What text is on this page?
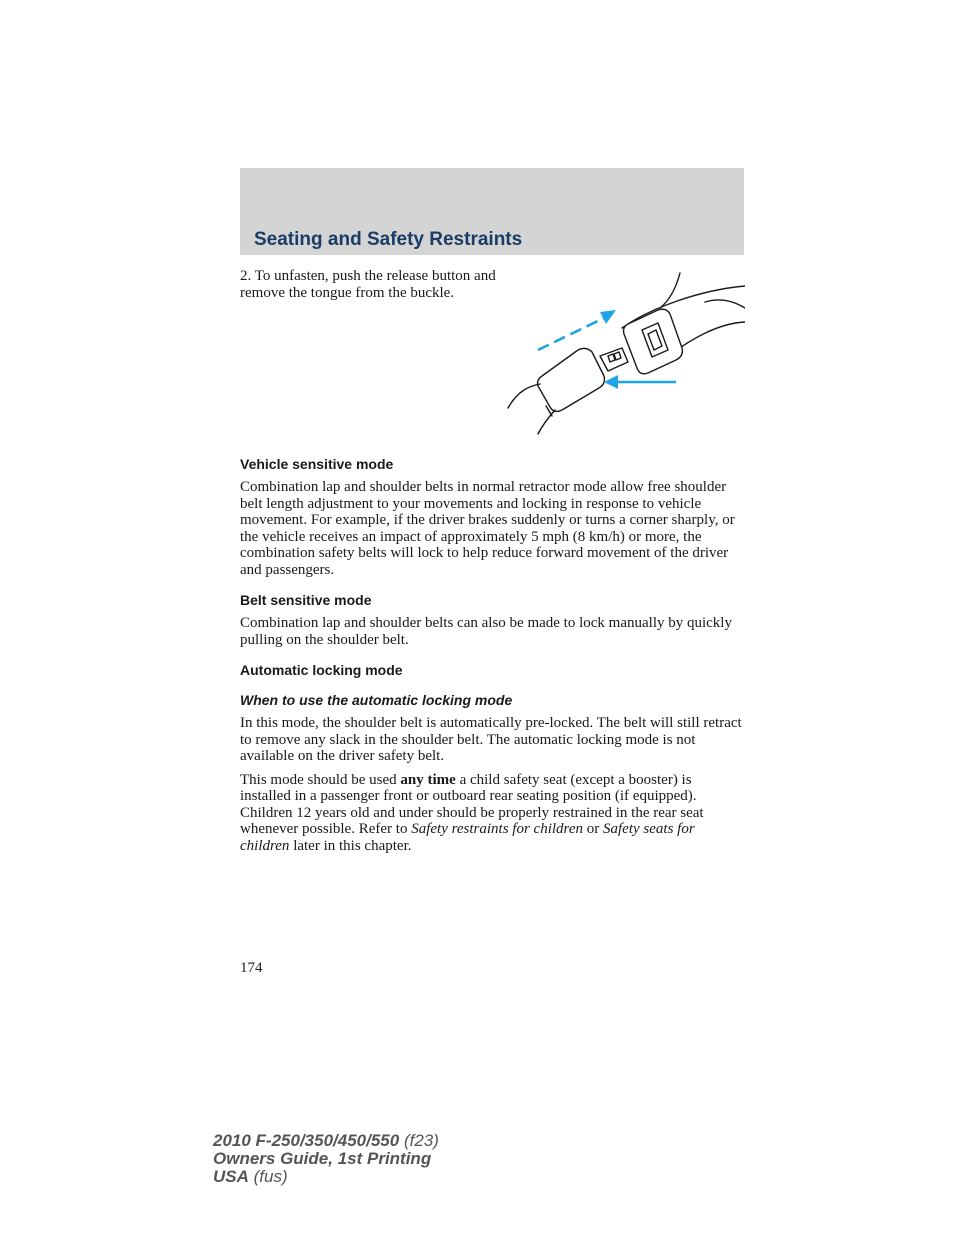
Seating and Safety Restraints

2. To unfasten, push the release button and remove the tongue from the buckle.

Vehicle sensitive mode

Combination lap and shoulder belts in normal retractor mode allow free shoulder belt length adjustment to your movements and locking in response to vehicle movement. For example, if the driver brakes suddenly or turns a corner sharply, or the vehicle receives an impact of approximately 5 mph (8 km/h) or more, the combination safety belts will lock to help reduce forward movement of the driver and passengers.

Belt sensitive mode

Combination lap and shoulder belts can also be made to lock manually by quickly pulling on the shoulder belt.

Automatic locking mode
When to use the automatic locking mode

In this mode, the shoulder belt is automatically pre-locked. The belt will still retract to remove any slack in the shoulder belt. The automatic locking mode is not available on the driver safety belt.

This mode should be used any time a child safety seat (except a booster) is installed in a passenger front or outboard rear seating position (if equipped). Children 12 years old and under should be properly restrained in the rear seat whenever possible. Refer to Safety restraints for children or Safety seats for children later in this chapter.

174

2010 F-250/350/450/550 (f23)
Owners Guide, 1st Printing
USA (fus)
